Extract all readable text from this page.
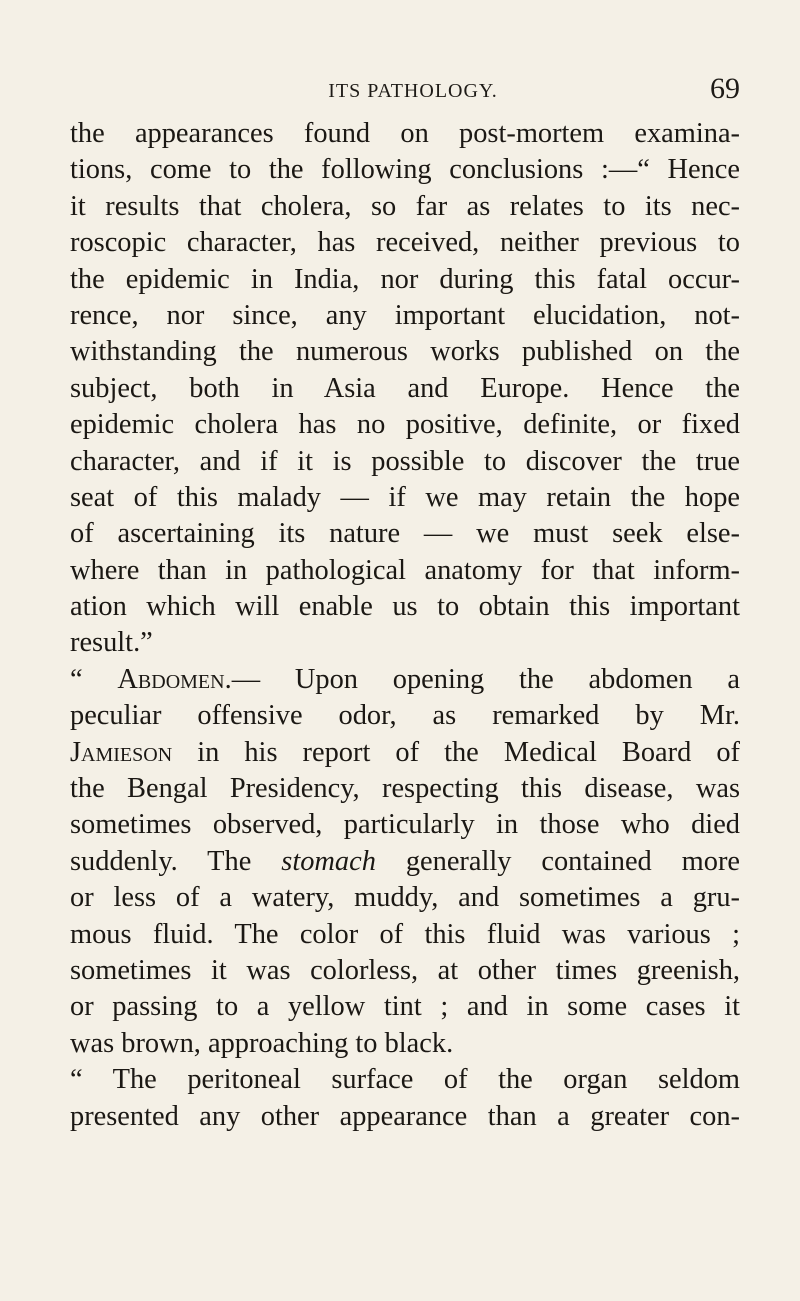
ITS PATHOLOGY.	69
the appearances found on post-mortem examina-
tions, come to the following conclusions :—“ Hence
it results that cholera, so far as relates to its nec-
roscopic character, has received, neither previous to
the epidemic in India, nor during this fatal occur-
rence, nor since, any important elucidation, not-
withstanding the numerous works published on the
subject, both in Asia and Europe. Hence the
epidemic cholera has no positive, definite, or fixed
character, and if it is possible to discover the true
seat of this malady — if we may retain the hope
of ascertaining its nature — we must seek else-
where than in pathological anatomy for that inform-
ation which will enable us to obtain this important
result.”
“ Abdomen.— Upon opening the abdomen a
peculiar offensive odor, as remarked by Mr.
Jamieson in his report of the Medical Board of
the Bengal Presidency, respecting this disease, was
sometimes observed, particularly in those who died
suddenly. The stomach generally contained more
or less of a watery, muddy, and sometimes a gru-
mous fluid. The color of this fluid was various ;
sometimes it was colorless, at other times greenish,
or passing to a yellow tint ; and in some cases it
was brown, approaching to black.
“ The peritoneal surface of the organ seldom
presented any other appearance than a greater con-
